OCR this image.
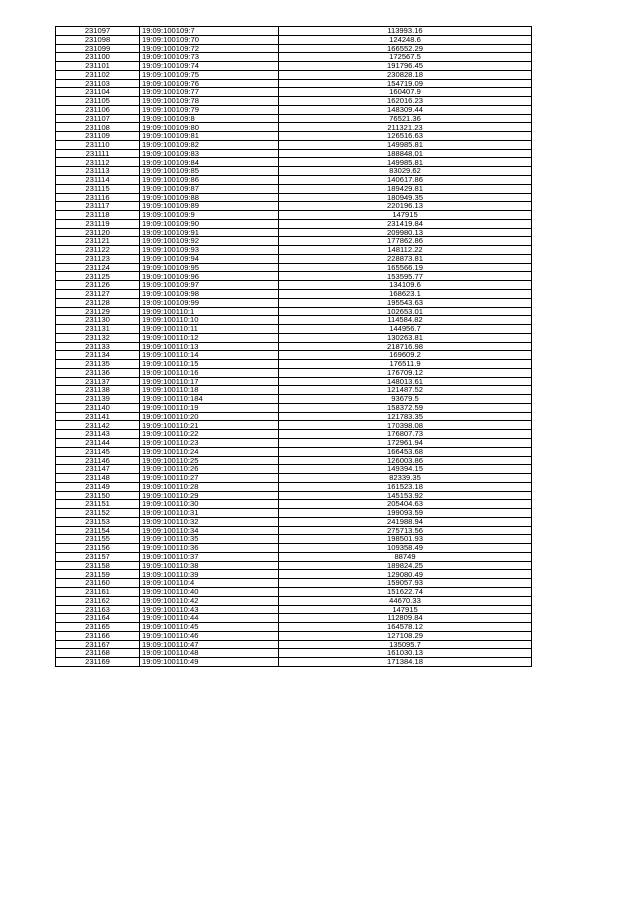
231097	19:09:100109:7	113993.16
231098	19:09:100109:70	124248.6
231099	19:09:100109:72	166552.29
231100	19:09:100109:73	172567.5
231101	19:09:100109:74	191796.45
231102	19:09:100109:75	230828.18
231103	19:09:100109:76	154719.09
231104	19:09:100109:77	160407.9
231105	19:09:100109:78	162016.23
231106	19:09:100109:79	148309.44
231107	19:09:100109:8	76521.36
231108	19:09:100109:80	211321.23
231109	19:09:100109:81	126516.63
231110	19:09:100109:82	149985.81
231111	19:09:100109:83	188848.01
231112	19:09:100109:84	149985.81
231113	19:09:100109:85	83029.62
231114	19:09:100109:86	140617.86
231115	19:09:100109:87	189429.81
231116	19:09:100109:88	180949.35
231117	19:09:100109:89	220196.13
231118	19:09:100109:9	147915
231119	19:09:100109:90	231419.84
231120	19:09:100109:91	209980.13
231121	19:09:100109:92	177862.86
231122	19:09:100109:93	148112.22
231123	19:09:100109:94	228873.81
231124	19:09:100109:95	165566.19
231125	19:09:100109:96	153595.77
231126	19:09:100109:97	134109.6
231127	19:09:100109:98	168623.1
231128	19:09:100109:99	195543.63
231129	19:09:100110:1	102653.01
231130	19:09:100110:10	114584.82
231131	19:09:100110:11	144956.7
231132	19:09:100110:12	130263.81
231133	19:09:100110:13	218716.98
231134	19:09:100110:14	169609.2
231135	19:09:100110:15	176511.9
231136	19:09:100110:16	176709.12
231137	19:09:100110:17	148013.61
231138	19:09:100110:18	121487.52
231139	19:09:100110:184	93679.5
231140	19:09:100110:19	158372.59
231141	19:09:100110:20	121783.35
231142	19:09:100110:21	170398.08
231143	19:09:100110:22	176807.73
231144	19:09:100110:23	172961.94
231145	19:09:100110:24	166453.68
231146	19:09:100110:25	126003.86
231147	19:09:100110:26	149394.15
231148	19:09:100110:27	82339.35
231149	19:09:100110:28	161523.18
231150	19:09:100110:29	145153.92
231151	19:09:100110:30	205404.63
231152	19:09:100110:31	199093.59
231153	19:09:100110:32	241988.94
231154	19:09:100110:34	275713.56
231155	19:09:100110:35	198501.93
231156	19:09:100110:36	109358.49
231157	19:09:100110:37	88749
231158	19:09:100110:38	189824.25
231159	19:09:100110:39	129080.49
231160	19:09:100110:4	159057.93
231161	19:09:100110:40	151622.74
231162	19:09:100110:42	44670.33
231163	19:09:100110:43	147915
231164	19:09:100110:44	112809.84
231165	19:09:100110:45	164578.12
231166	19:09:100110:46	127108.29
231167	19:09:100110:47	135095.7
231168	19:09:100110:48	161030.13
231169	19:09:100110:49	171384.18
